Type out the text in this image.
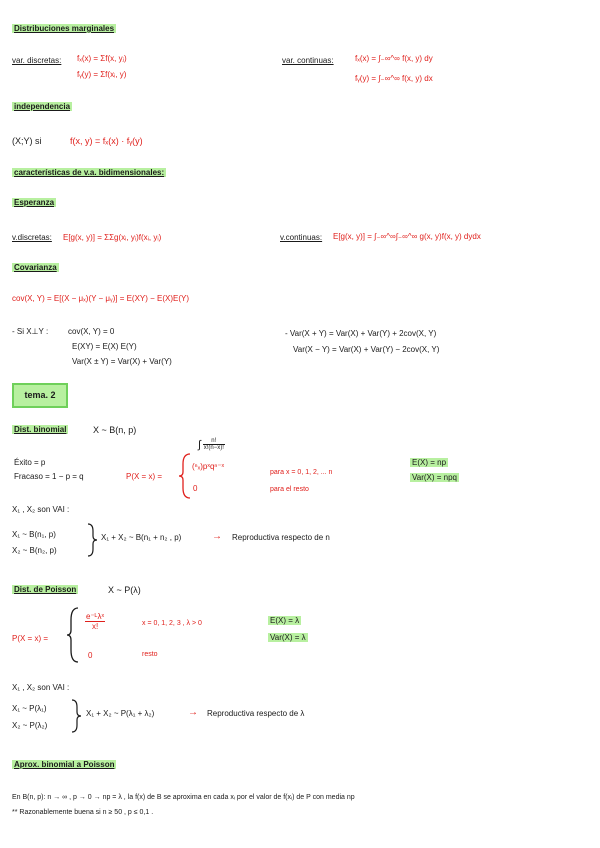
Distribuciones marginales
var. discretas: fₓ(x) = Σf(x, yⱼ)
fᵧ(y) = Σf(xᵢ, y)
var. continuas:	fₓ(x) = ∫₋∞^∞ f(x, y) dy
fᵧ(y) = ∫₋∞^∞ f(x, y) dx
independencia
(X;Y) si	f(x, y) = fₓ(x) · fᵧ(y)
características de v.a. bidimensionales:
Esperanza
v.discretas: E[g(x, y)] = ΣΣg(xᵢ, yᵢ)f(xᵢ, yᵢ)	v.continuas: E[g(x, y)] = ∫₋∞^∞∫₋∞^∞ g(x, y)f(x, y) dydx
Covarianza
cov(X, Y) = E[(X − μₓ)(Y − μᵧ)] = E(XY) − E(X)E(Y)
- Si X⊥Y : cov(X, Y) = 0
E(XY) = E(X) E(Y)
Var(X ± Y) = Var(X) + Var(Y)
- Var(X + Y) = Var(X) + Var(Y) + 2cov(X, Y)
Var(X − Y) = Var(X) + Var(Y) − 2cov(X, Y)
tema. 2
Dist. binomial	X ~ B(n, p)
Éxito = p
Fracaso = 1 − p = q	P(X = x) =
∫ $\frac{n!}{x!(n-x)!}$
(ⁿₓ)pˣqⁿ⁻ˣ
para x = 0, 1, 2, ... n
0	para el resto
E(X) = np
Var(X) = npq
X₁ , X₂ son VAI :
X₁ ~ B(n₁, p)
X₂ ~ B(n₂, p)
X₁ + X₂ ~ B(n₁ + n₂ , p)	→ Reproductiva respecto de n
Dist. de Poisson	X ~ P(λ)
P(X = x) =
$\frac{\text{e⁻ᴸλˣ}}{x!}$	x = 0, 1, 2, 3 , λ > 0
0	resto
E(X) = λ
Var(X) = λ
X₁ , X₂ son VAI :
X₁ ~ P(λ₁)
X₂ ~ P(λ₂)
X₁ + X₂ ~ P(λ₁ + λ₂)	→ Reproductiva respecto de λ
Aprox. binomial a Poisson
En B(n, p): n → ∞ , p → 0 → np = λ , la f(x) de B se aproxima en cada xᵢ por el valor de f(xᵢ) de P con media np
** Razonablemente buena si n ≥ 50 , p ≤ 0,1 .
